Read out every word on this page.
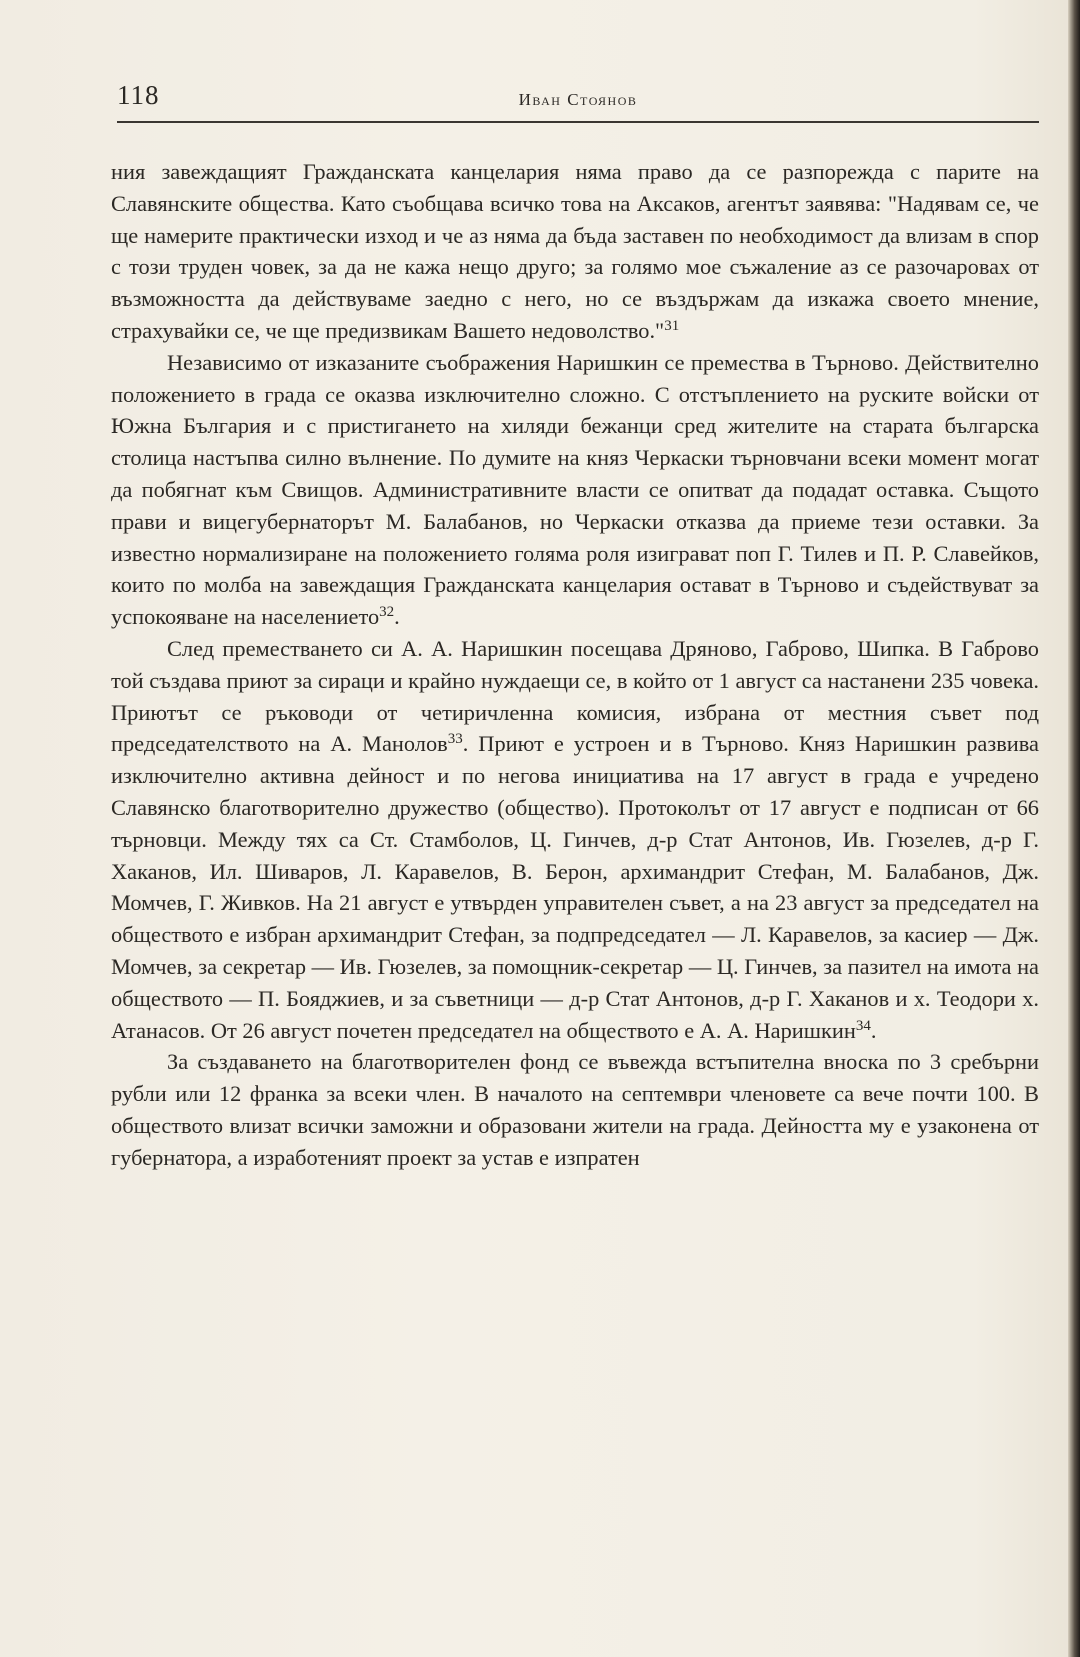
118	Иван Стоянов

ния завеждащият Гражданската канцелария няма право да се разпорежда с парите на Славянските общества. Като съобщава всичко това на Аксаков, агентът заявява: "Надявам се, че ще намерите практически изход и че аз няма да бъда заставен по необходимост да влизам в спор с този труден човек, за да не кажа нещо друго; за голямо мое съжаление аз се разочаровах от възможността да действуваме заедно с него, но се въздържам да изкажа своето мнение, страхувайки се, че ще предизвикам Вашето недоволство."$^{31}$

Независимо от изказаните съображения Наришкин се премества в Търново. Действително положението в града се оказва изключително сложно. С отстъплението на руските войски от Южна България и с пристигането на хиляди бежанци сред жителите на старата българска столица настъпва силно вълнение. По думите на княз Черкаски търновчани всеки момент могат да побягнат към Свищов. Административните власти се опитват да подадат оставка. Същото прави и вицегубернаторът М. Балабанов, но Черкаски отказва да приеме тези оставки. За известно нормализиране на положението голяма роля изиграват поп Г. Тилев и П. Р. Славейков, които по молба на завеждащия Гражданската канцелария остават в Търново и съдействуват за успокояване на населението$^{32}$.

След преместването си А. А. Наришкин посещава Дряново, Габрово, Шипка. В Габрово той създава приют за сираци и крайно нуждаещи се, в който от 1 август са настанени 235 човека. Приютът се ръководи от четиричленна комисия, избрана от местния съвет под председателството на А. Манолов$^{33}$. Приют е устроен и в Търново. Княз Наришкин развива изключително активна дейност и по негова инициатива на 17 август в града е учредено Славянско благотворително дружество (общество). Протоколът от 17 август е подписан от 66 търновци. Между тях са Ст. Стамболов, Ц. Гинчев, д-р Стат Антонов, Ив. Гюзелев, д-р Г. Хаканов, Ил. Шиваров, Л. Каравелов, В. Берон, архимандрит Стефан, М. Балабанов, Дж. Момчев, Г. Живков. На 21 август е утвърден управителен съвет, а на 23 август за председател на обществото е избран архимандрит Стефан, за подпредседател — Л. Каравелов, за касиер — Дж. Момчев, за секретар — Ив. Гюзелев, за помощник-секретар — Ц. Гинчев, за пазител на имота на обществото — П. Бояджиев, и за съветници — д-р Стат Антонов, д-р Г. Хаканов и х. Теодори х. Атанасов. От 26 август почетен председател на обществото е А. А. Наришкин$^{34}$.

За създаването на благотворителен фонд се въвежда встъпителна вноска по 3 сребърни рубли или 12 франка за всеки член. В началото на септември членовете са вече почти 100. В обществото влизат всички заможни и образовани жители на града. Дейността му е узаконена от губернатора, а изработеният проект за устав е изпратен
